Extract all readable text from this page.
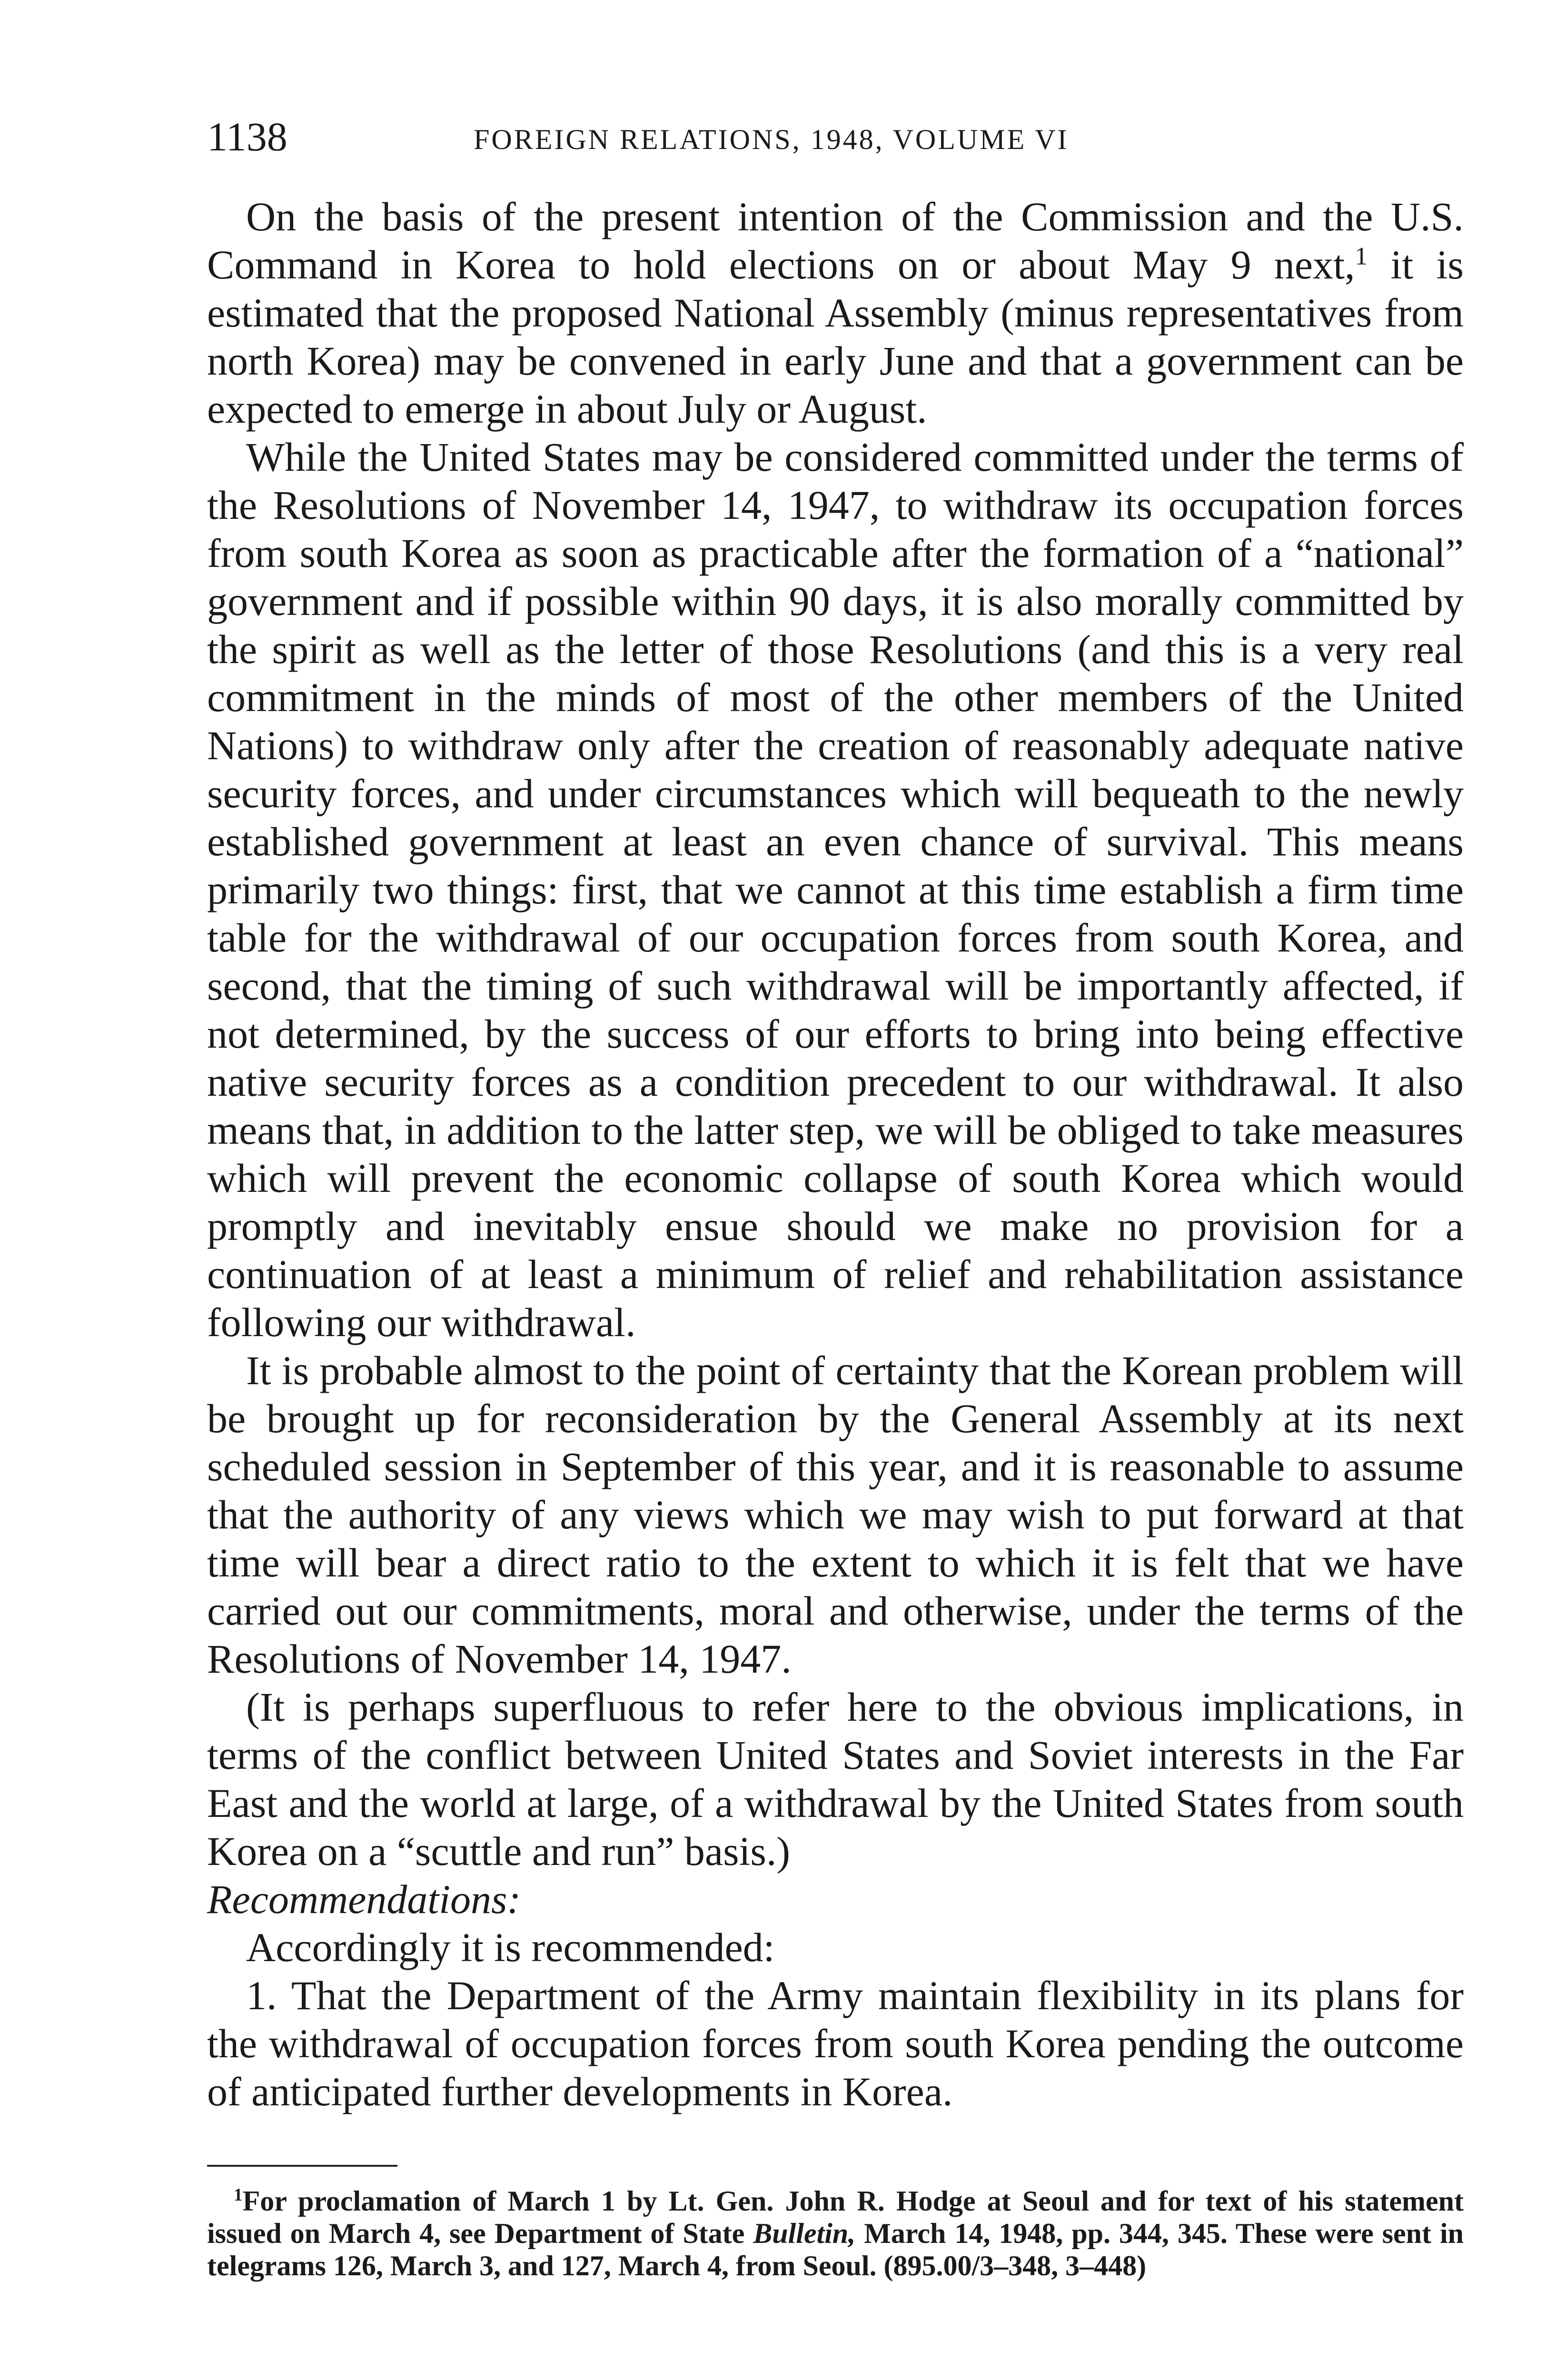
1138	FOREIGN RELATIONS, 1948, VOLUME VI

On the basis of the present intention of the Commission and the U.S. Command in Korea to hold elections on or about May 9 next,$^1$ it is estimated that the proposed National Assembly (minus representatives from north Korea) may be convened in early June and that a government can be expected to emerge in about July or August.

While the United States may be considered committed under the terms of the Resolutions of November 14, 1947, to withdraw its occupation forces from south Korea as soon as practicable after the formation of a “national” government and if possible within 90 days, it is also morally committed by the spirit as well as the letter of those Resolutions (and this is a very real commitment in the minds of most of the other members of the United Nations) to withdraw only after the creation of reasonably adequate native security forces, and under circumstances which will bequeath to the newly established government at least an even chance of survival. This means primarily two things: first, that we cannot at this time establish a firm time table for the withdrawal of our occupation forces from south Korea, and second, that the timing of such withdrawal will be importantly affected, if not determined, by the success of our efforts to bring into being effective native security forces as a condition precedent to our withdrawal. It also means that, in addition to the latter step, we will be obliged to take measures which will prevent the economic collapse of south Korea which would promptly and inevitably ensue should we make no provision for a continuation of at least a minimum of relief and rehabilitation assistance following our withdrawal.

It is probable almost to the point of certainty that the Korean problem will be brought up for reconsideration by the General Assembly at its next scheduled session in September of this year, and it is reasonable to assume that the authority of any views which we may wish to put forward at that time will bear a direct ratio to the extent to which it is felt that we have carried out our commitments, moral and otherwise, under the terms of the Resolutions of November 14, 1947.

(It is perhaps superfluous to refer here to the obvious implications, in terms of the conflict between United States and Soviet interests in the Far East and the world at large, of a withdrawal by the United States from south Korea on a “scuttle and run” basis.)

Recommendations:

Accordingly it is recommended:

1. That the Department of the Army maintain flexibility in its plans for the withdrawal of occupation forces from south Korea pending the outcome of anticipated further developments in Korea.

$^1$For proclamation of March 1 by Lt. Gen. John R. Hodge at Seoul and for text of his statement issued on March 4, see Department of State Bulletin, March 14, 1948, pp. 344, 345. These were sent in telegrams 126, March 3, and 127, March 4, from Seoul. (895.00/3–348, 3–448)
